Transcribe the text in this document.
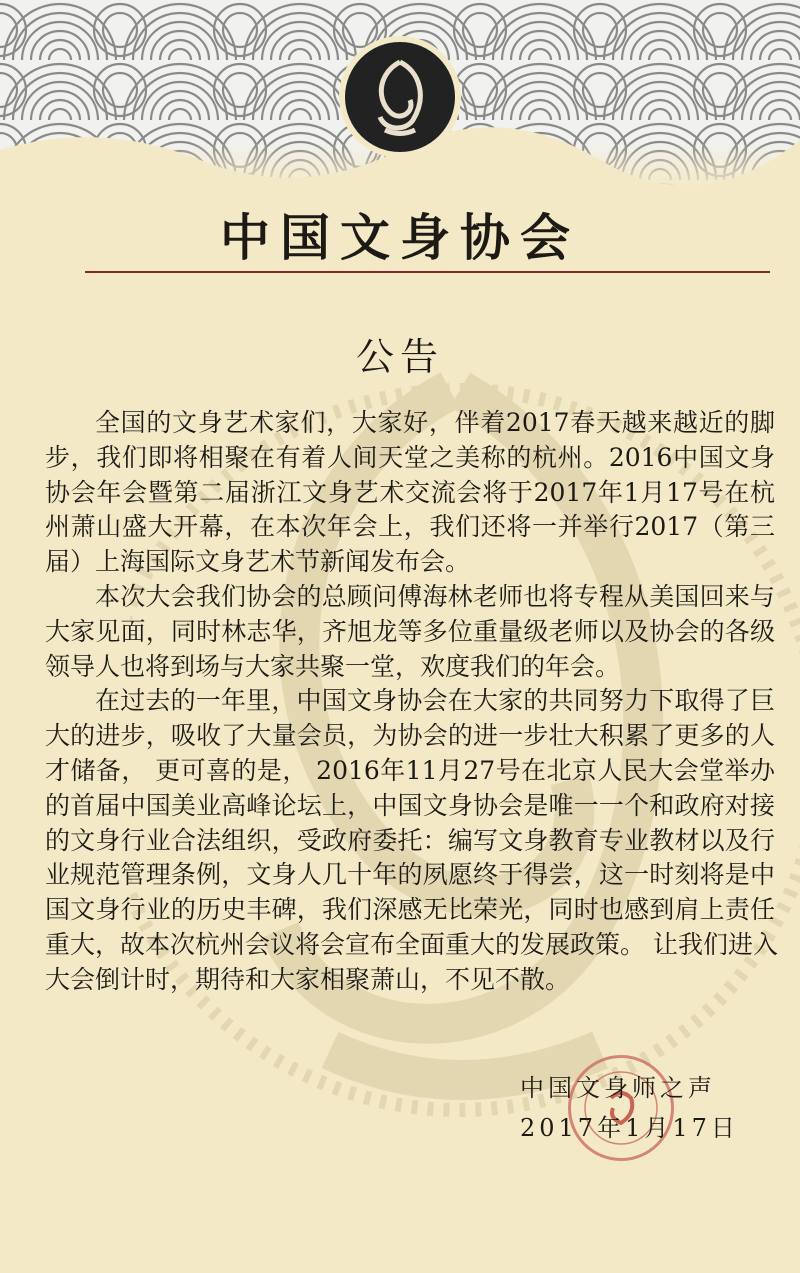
中国文身协会
公告
全国的文身艺术家们，大家好，伴着2017春天越来越近的脚
步，我们即将相聚在有着人间天堂之美称的杭州。2016中国文身
协会年会暨第二届浙江文身艺术交流会将于2017年1月17号在杭
州萧山盛大开幕，在本次年会上，我们还将一并举行2017（第三
届）上海国际文身艺术节新闻发布会。
本次大会我们协会的总顾问傅海林老师也将专程从美国回来与
大家见面，同时林志华，齐旭龙等多位重量级老师以及协会的各级
领导人也将到场与大家共聚一堂，欢度我们的年会。
在过去的一年里，中国文身协会在大家的共同努力下取得了巨
大的进步，吸收了大量会员，为协会的进一步壮大积累了更多的人
才储备， 更可喜的是， 2016年11月27号在北京人民大会堂举办
的首届中国美业高峰论坛上，中国文身协会是唯一一个和政府对接
的文身行业合法组织，受政府委托：编写文身教育专业教材以及行
业规范管理条例，文身人几十年的夙愿终于得尝，这一时刻将是中
国文身行业的历史丰碑，我们深感无比荣光，同时也感到肩上责任
重大，故本次杭州会议将会宣布全面重大的发展政策。 让我们进入
大会倒计时，期待和大家相聚萧山，不见不散。
中国文身师之声
2017年1月17日
